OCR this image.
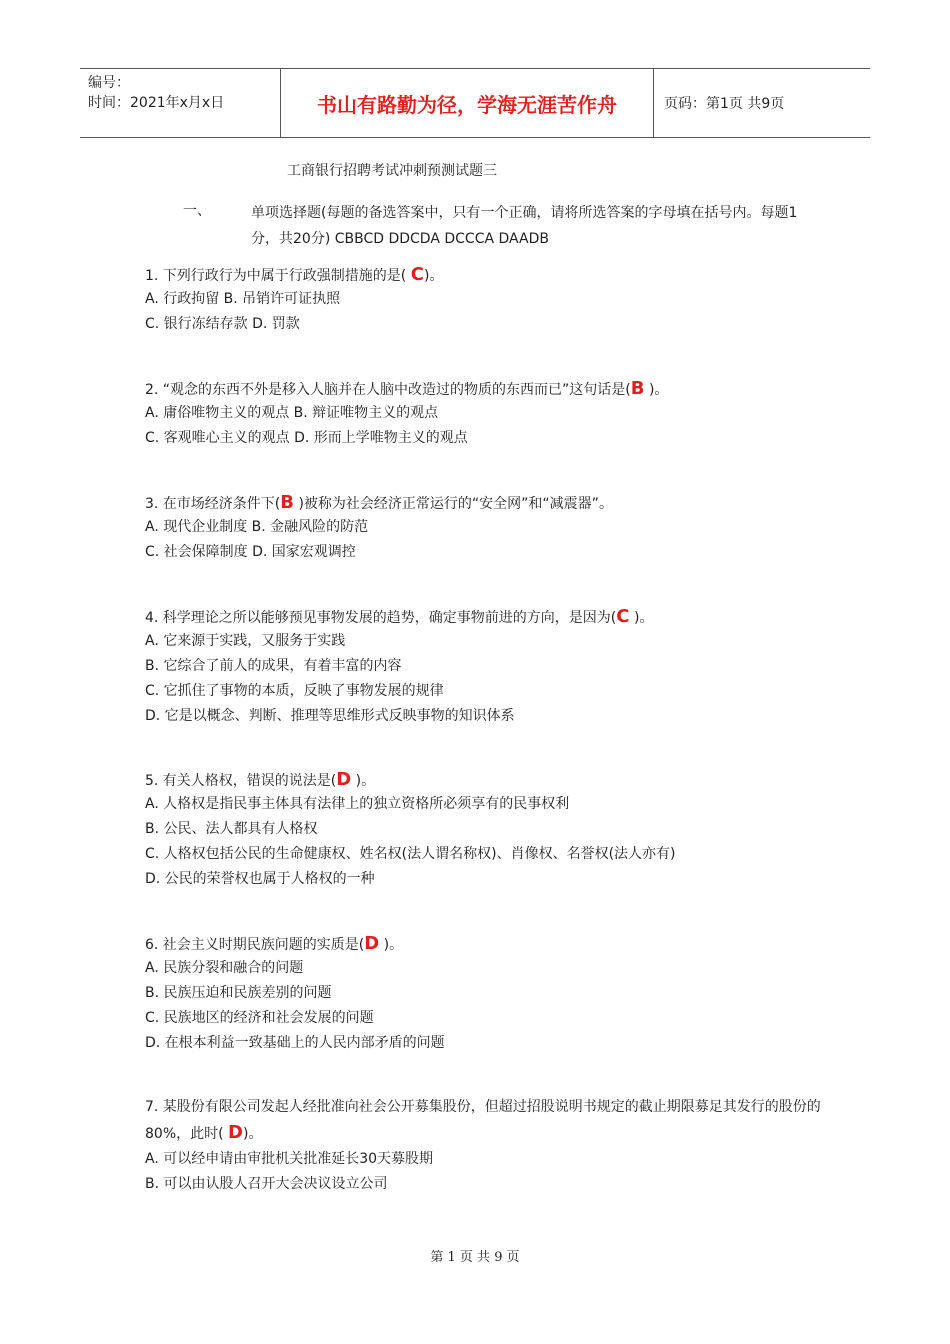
编号：
时间：2021年x月x日	书山有路勤为径，学海无涯苦作舟	页码：第1页 共9页
工商银行招聘考试冲刺预测试题三
一、	单项选择题(每题的备选答案中，只有一个正确，请将所选答案的字母填在括号内。每题1分，共20分) CBBCD DDCDA DCCCA DAADB
1. 下列行政行为中属于行政强制措施的是( C)。
A. 行政拘留 B. 吊销许可证执照
C. 银行冻结存款 D. 罚款
2. “观念的东西不外是移入人脑并在人脑中改造过的物质的东西而已”这句话是(B )。
A. 庸俗唯物主义的观点 B. 辩证唯物主义的观点
C. 客观唯心主义的观点 D. 形而上学唯物主义的观点
3. 在市场经济条件下(B )被称为社会经济正常运行的“安全网”和“减震器”。
A. 现代企业制度 B. 金融风险的防范
C. 社会保障制度 D. 国家宏观调控
4. 科学理论之所以能够预见事物发展的趋势，确定事物前进的方向，是因为(C )。
A. 它来源于实践，又服务于实践
B. 它综合了前人的成果，有着丰富的内容
C. 它抓住了事物的本质，反映了事物发展的规律
D. 它是以概念、判断、推理等思维形式反映事物的知识体系
5. 有关人格权，错误的说法是(D )。
A. 人格权是指民事主体具有法律上的独立资格所必须享有的民事权利
B. 公民、法人都具有人格权
C. 人格权包括公民的生命健康权、姓名权(法人谓名称权)、肖像权、名誉权(法人亦有)
D. 公民的荣誉权也属于人格权的一种
6. 社会主义时期民族问题的实质是(D )。
A. 民族分裂和融合的问题
B. 民族压迫和民族差别的问题
C. 民族地区的经济和社会发展的问题
D. 在根本利益一致基础上的人民内部矛盾的问题
7. 某股份有限公司发起人经批准向社会公开募集股份，但超过招股说明书规定的截止期限募足其发行的股份的80%，此时( D)。
A. 可以经申请由审批机关批准延长30天募股期
B. 可以由认股人召开大会决议设立公司
第 1 页 共 9 页
